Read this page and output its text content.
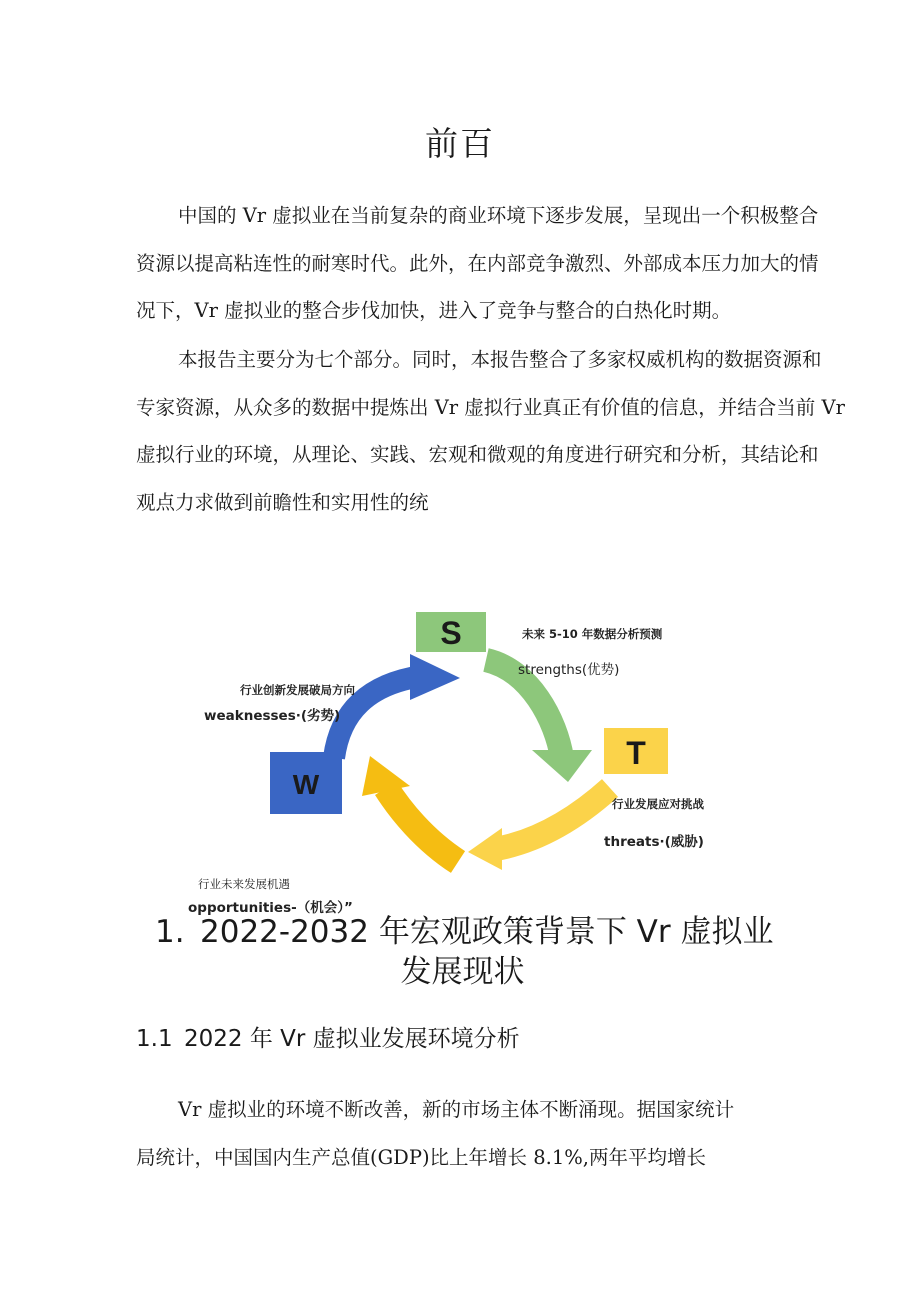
前百
中国的 Vr 虚拟业在当前复杂的商业环境下逐步发展，呈现出一个积极整合
资源以提高粘连性的耐寒时代。此外，在内部竞争激烈、外部成本压力加大的情
况下，Vr 虚拟业的整合步伐加快，进入了竞争与整合的白热化时期。
本报告主要分为七个部分。同时，本报告整合了多家权威机构的数据资源和
专家资源，从众多的数据中提炼出 Vr 虚拟行业真正有价值的信息，并结合当前 Vr
虚拟行业的环境，从理论、实践、宏观和微观的角度进行研究和分析，其结论和
观点力求做到前瞻性和实用性的统
S
T
W
未来 5-10 年数据分析预测
strengths(优势)
行业创新发展破局方向
weaknesses·(劣势)
行业发展应对挑战
threats·(威胁)
行业未来发展机遇
opportunities-（机会）”
1. 2022-2032 年宏观政策背景下 Vr 虚拟业
发展现状
1.1 2022 年 Vr 虚拟业发展环境分析
Vr 虚拟业的环境不断改善，新的市场主体不断涌现。据国家统计
局统计，中国国内生产总值(GDP)比上年增长 8.1%,两年平均增长
